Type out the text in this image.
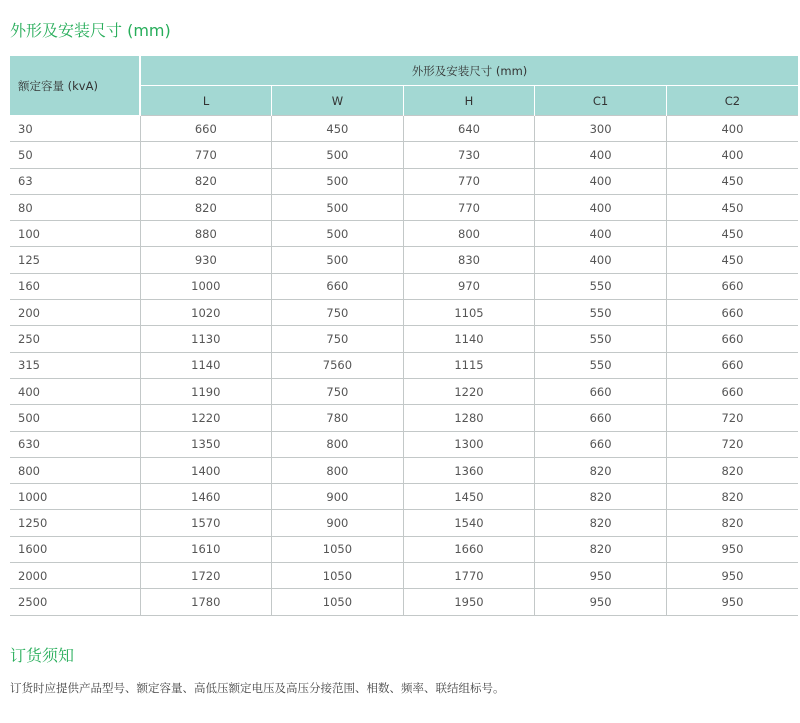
外形及安装尺寸 (mm)
额定容量 (kvA)	外形及安装尺寸 (mm)				
	L	W	H	C1	C2
30	660	450	640	300	400
50	770	500	730	400	400
63	820	500	770	400	450
80	820	500	770	400	450
100	880	500	800	400	450
125	930	500	830	400	450
160	1000	660	970	550	660
200	1020	750	1105	550	660
250	1130	750	1140	550	660
315	1140	7560	1115	550	660
400	1190	750	1220	660	660
500	1220	780	1280	660	720
630	1350	800	1300	660	720
800	1400	800	1360	820	820
1000	1460	900	1450	820	820
1250	1570	900	1540	820	820
1600	1610	1050	1660	820	950
2000	1720	1050	1770	950	950
2500	1780	1050	1950	950	950
订货须知

订货时应提供产品型号、额定容量、高低压额定电压及高压分接范围、相数、频率、联结组标号。
